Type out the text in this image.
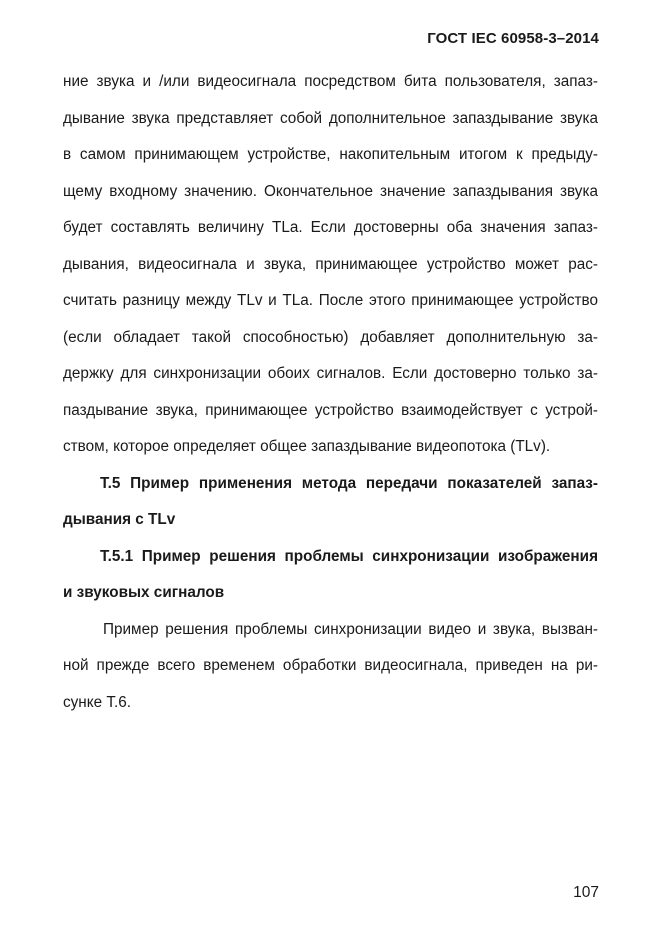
ГОСТ IEC 60958-3–2014
ние звука и /или видеосигнала посредством бита пользователя, запаз-
дывание звука представляет собой дополнительное запаздывание звука
в самом принимающем устройстве, накопительным итогом к предыду-
щему входному значению. Окончательное значение запаздывания звука
будет составлять величину TLa. Если достоверны оба значения запаз-
дывания, видеосигнала и звука, принимающее устройство может рас-
считать разницу между TLv и TLa. После этого принимающее устройство
(если обладает такой способностью) добавляет дополнительную за-
держку для синхронизации обоих сигналов. Если достоверно только за-
паздывание звука, принимающее устройство взаимодействует с устрой-
ством, которое определяет общее запаздывание видеопотока (TLv).
Т.5 Пример применения метода передачи показателей запаз-
дывания с TLv
Т.5.1 Пример решения проблемы синхронизации изображения
и звуковых сигналов
Пример решения проблемы синхронизации видео и звука, вызван-
ной прежде всего временем обработки видеосигнала, приведен на ри-
сунке Т.6.
107
